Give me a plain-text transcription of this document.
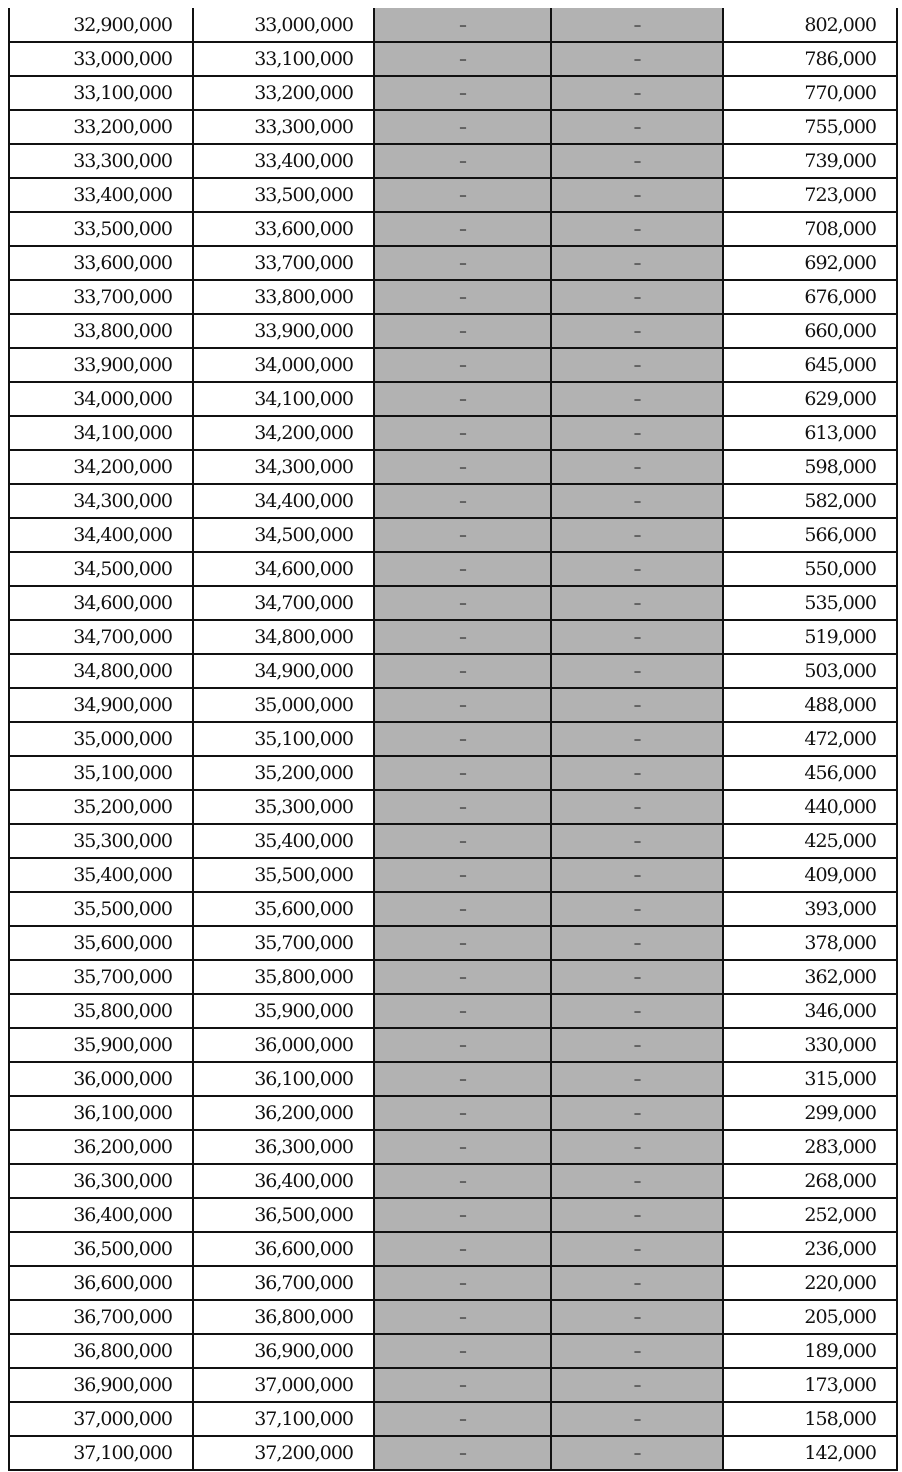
32,900,000	33,000,000	–	–	802,000
33,000,000	33,100,000	–	–	786,000
33,100,000	33,200,000	–	–	770,000
33,200,000	33,300,000	–	–	755,000
33,300,000	33,400,000	–	–	739,000
33,400,000	33,500,000	–	–	723,000
33,500,000	33,600,000	–	–	708,000
33,600,000	33,700,000	–	–	692,000
33,700,000	33,800,000	–	–	676,000
33,800,000	33,900,000	–	–	660,000
33,900,000	34,000,000	–	–	645,000
34,000,000	34,100,000	–	–	629,000
34,100,000	34,200,000	–	–	613,000
34,200,000	34,300,000	–	–	598,000
34,300,000	34,400,000	–	–	582,000
34,400,000	34,500,000	–	–	566,000
34,500,000	34,600,000	–	–	550,000
34,600,000	34,700,000	–	–	535,000
34,700,000	34,800,000	–	–	519,000
34,800,000	34,900,000	–	–	503,000
34,900,000	35,000,000	–	–	488,000
35,000,000	35,100,000	–	–	472,000
35,100,000	35,200,000	–	–	456,000
35,200,000	35,300,000	–	–	440,000
35,300,000	35,400,000	–	–	425,000
35,400,000	35,500,000	–	–	409,000
35,500,000	35,600,000	–	–	393,000
35,600,000	35,700,000	–	–	378,000
35,700,000	35,800,000	–	–	362,000
35,800,000	35,900,000	–	–	346,000
35,900,000	36,000,000	–	–	330,000
36,000,000	36,100,000	–	–	315,000
36,100,000	36,200,000	–	–	299,000
36,200,000	36,300,000	–	–	283,000
36,300,000	36,400,000	–	–	268,000
36,400,000	36,500,000	–	–	252,000
36,500,000	36,600,000	–	–	236,000
36,600,000	36,700,000	–	–	220,000
36,700,000	36,800,000	–	–	205,000
36,800,000	36,900,000	–	–	189,000
36,900,000	37,000,000	–	–	173,000
37,000,000	37,100,000	–	–	158,000
37,100,000	37,200,000	–	–	142,000
